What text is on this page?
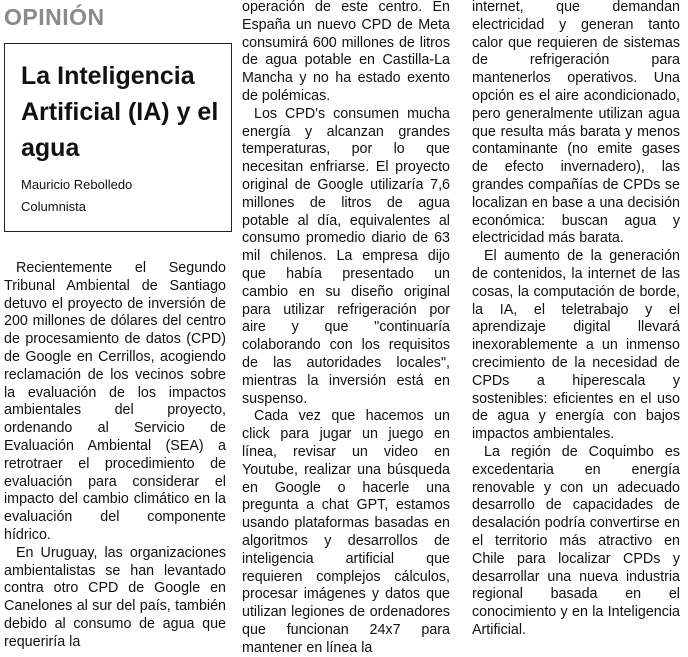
OPINIÓN
La Inteligencia Artificial (IA) y el agua
Mauricio Rebolledo
Columnista

Recientemente el Segundo Tribunal Ambiental de Santiago detuvo el proyecto de inversión de 200 millones de dólares del centro de procesamiento de datos (CPD) de Google en Cerrillos, acogiendo reclamación de los vecinos sobre la evaluación de los impactos ambientales del proyecto, ordenando al Servicio de Evaluación Ambiental (SEA) a retrotraer el procedimiento de evaluación para considerar el impacto del cambio climático en la evaluación del componente hídrico.

En Uruguay, las organizaciones ambientalistas se han levantado contra otro CPD de Google en Canelones al sur del país, también debido al consumo de agua que requeriría la

operación de este centro. En España un nuevo CPD de Meta consumirá 600 millones de litros de agua potable en Castilla-La Mancha y no ha estado exento de polémicas.

Los CPD's consumen mucha energía y alcanzan grandes temperaturas, por lo que necesitan enfriarse. El proyecto original de Google utilizaría 7,6 millones de litros de agua potable al día, equivalentes al consumo promedio diario de 63 mil chilenos. La empresa dijo que había presentado un cambio en su diseño original para utilizar refrigeración por aire y que "continuaría colaborando con los requisitos de las autoridades locales", mientras la inversión está en suspenso.

Cada vez que hacemos un click para jugar un juego en línea, revisar un video en Youtube, realizar una búsqueda en Google o hacerle una pregunta a chat GPT, estamos usando plataformas basadas en algoritmos y desarrollos de inteligencia artificial que requieren complejos cálculos, procesar imágenes y datos que utilizan legiones de ordenadores que funcionan 24x7 para mantener en línea la

internet, que demandan electricidad y generan tanto calor que requieren de sistemas de refrigeración para mantenerlos operativos. Una opción es el aire acondicionado, pero generalmente utilizan agua que resulta más barata y menos contaminante (no emite gases de efecto invernadero), las grandes compañías de CPDs se localizan en base a una decisión económica: buscan agua y electricidad más barata.

El aumento de la generación de contenidos, la internet de las cosas, la computación de borde, la IA, el teletrabajo y el aprendizaje digital llevará inexorablemente a un inmenso crecimiento de la necesidad de CPDs a hiperescala y sostenibles: eficientes en el uso de agua y energía con bajos impactos ambientales.

La región de Coquimbo es excedentaria en energía renovable y con un adecuado desarrollo de capacidades de desalación podría convertirse en el territorio más atractivo en Chile para localizar CPDs y desarrollar una nueva industria regional basada en el conocimiento y en la Inteligencia Artificial.
